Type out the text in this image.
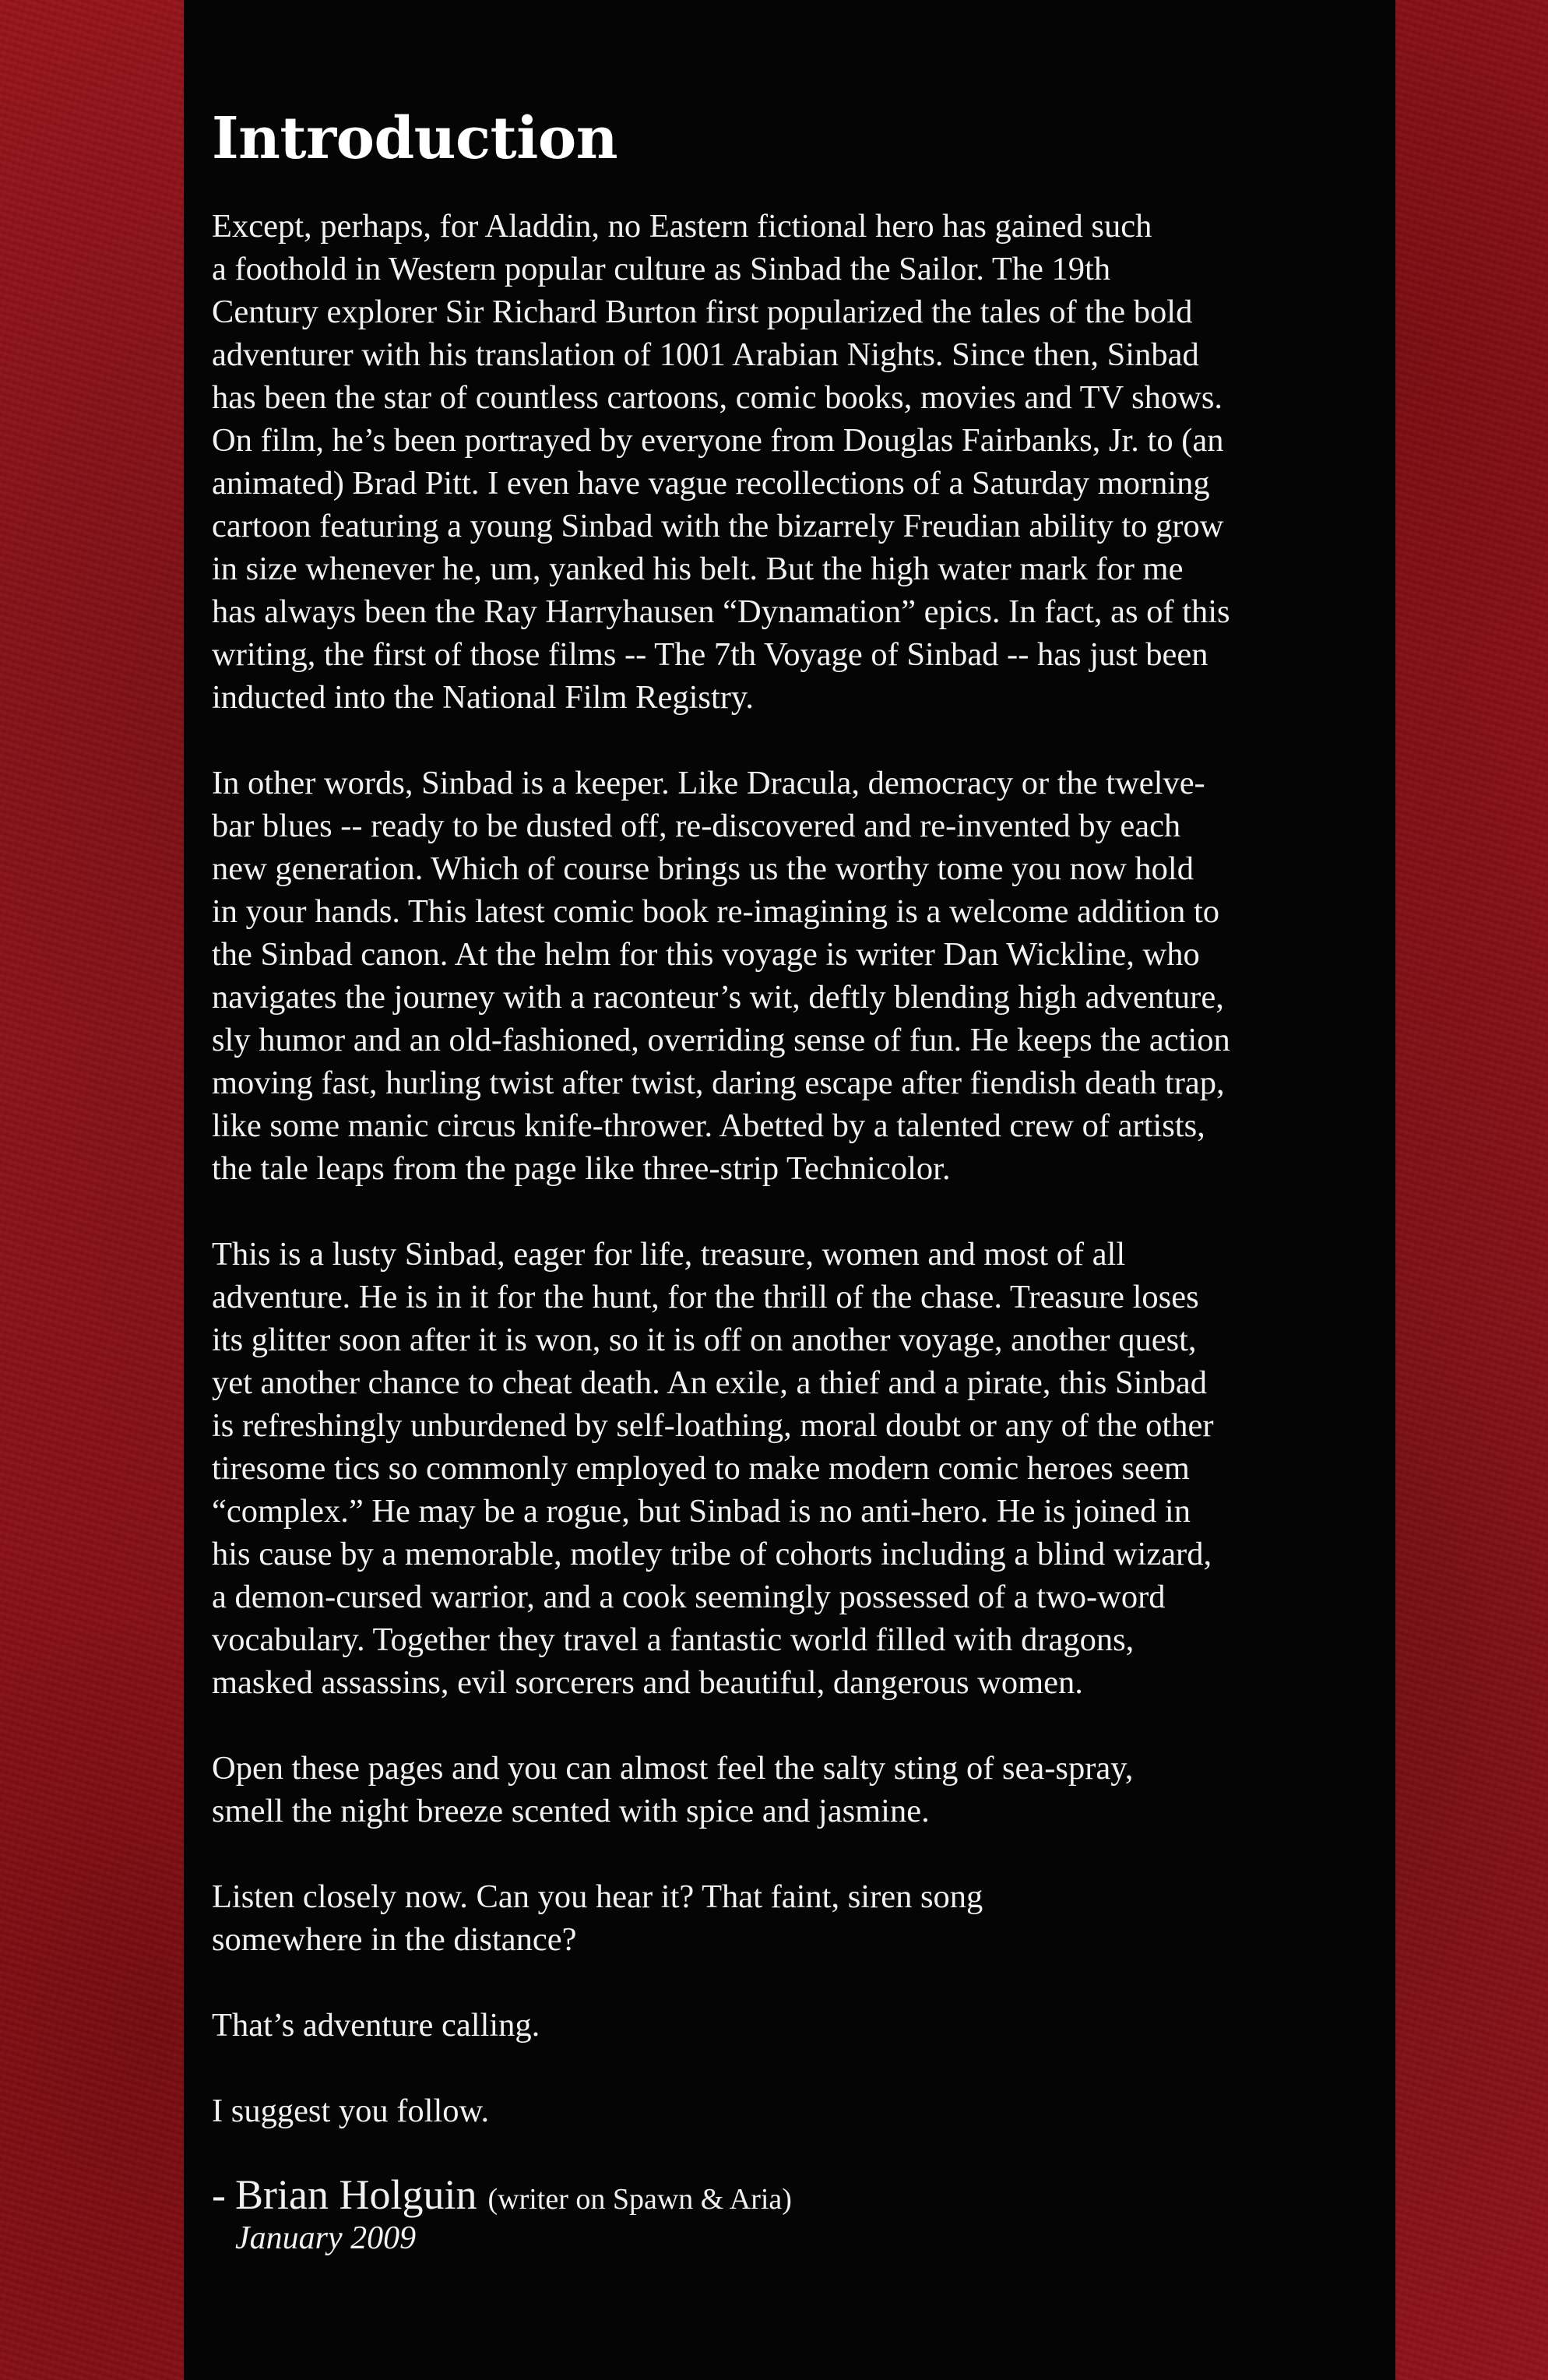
Introduction

Except, perhaps, for Aladdin, no Eastern fictional hero has gained such
a foothold in Western popular culture as Sinbad the Sailor. The 19th
Century explorer Sir Richard Burton first popularized the tales of the bold
adventurer with his translation of 1001 Arabian Nights. Since then, Sinbad
has been the star of countless cartoons, comic books, movies and TV shows.
On film, he’s been portrayed by everyone from Douglas Fairbanks, Jr. to (an
animated) Brad Pitt. I even have vague recollections of a Saturday morning
cartoon featuring a young Sinbad with the bizarrely Freudian ability to grow
in size whenever he, um, yanked his belt. But the high water mark for me
has always been the Ray Harryhausen “Dynamation” epics. In fact, as of this
writing, the first of those films -- The 7th Voyage of Sinbad -- has just been
inducted into the National Film Registry.

In other words, Sinbad is a keeper. Like Dracula, democracy or the twelve-
bar blues -- ready to be dusted off, re-discovered and re-invented by each
new generation. Which of course brings us the worthy tome you now hold
in your hands. This latest comic book re-imagining is a welcome addition to
the Sinbad canon. At the helm for this voyage is writer Dan Wickline, who
navigates the journey with a raconteur’s wit, deftly blending high adventure,
sly humor and an old-fashioned, overriding sense of fun. He keeps the action
moving fast, hurling twist after twist, daring escape after fiendish death trap,
like some manic circus knife-thrower. Abetted by a talented crew of artists,
the tale leaps from the page like three-strip Technicolor.

This is a lusty Sinbad, eager for life, treasure, women and most of all
adventure. He is in it for the hunt, for the thrill of the chase. Treasure loses
its glitter soon after it is won, so it is off on another voyage, another quest,
yet another chance to cheat death. An exile, a thief and a pirate, this Sinbad
is refreshingly unburdened by self-loathing, moral doubt or any of the other
tiresome tics so commonly employed to make modern comic heroes seem
“complex.” He may be a rogue, but Sinbad is no anti-hero. He is joined in
his cause by a memorable, motley tribe of cohorts including a blind wizard,
a demon-cursed warrior, and a cook seemingly possessed of a two-word
vocabulary. Together they travel a fantastic world filled with dragons,
masked assassins, evil sorcerers and beautiful, dangerous women.

Open these pages and you can almost feel the salty sting of sea-spray,
smell the night breeze scented with spice and jasmine.

Listen closely now. Can you hear it? That faint, siren song
somewhere in the distance?

That’s adventure calling.

I suggest you follow.

- Brian Holguin (writer on Spawn & Aria)
January 2009
